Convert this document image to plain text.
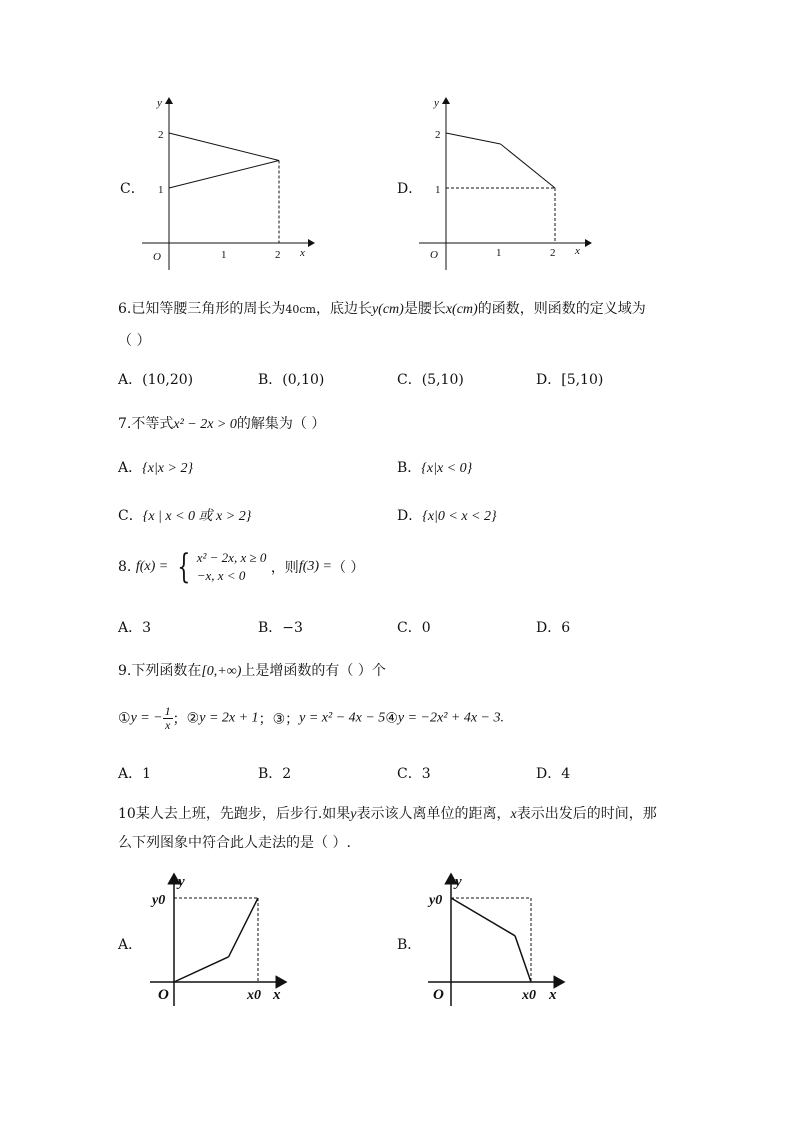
C．
y
x
O
2
1
1	2
D．
y
x
O
2
1
1	2
6.已知等腰三角形的周长为40cm，底边长y(cm)是腰长x(cm)的函数，则函数的定义域为
（ ）
A．(10,20)	B．(0,10)	C．(5,10)	D．[5,10)
7.不等式x² − 2x > 0的解集为（ ）
A．{x|x > 2}	B．{x|x < 0}
C．{x | x < 0 或 x > 2}	D．{x|0 < x < 2}
8. f(x) = { x² − 2x, x ≥ 0
−x, x < 0	，则f(3) =（ ）
A．3	B．−3	C．0	D．6
9.下列函数在[0,+∞)上是增函数的有（ ）个
①y = − $\frac{1}{x}$ ；②y = 2x + 1；③；y = x² − 4x − 5④y = −2x² + 4x − 3.
A．1	B．2	C．3	D．4
10某人去上班，先跑步，后步行.如果y表示该人离单位的距离，x表示出发后的时间，那
么下列图象中符合此人走法的是（ ）.
A．
y
x
O
y0
x0
B．
y
x
O
y0
x0
